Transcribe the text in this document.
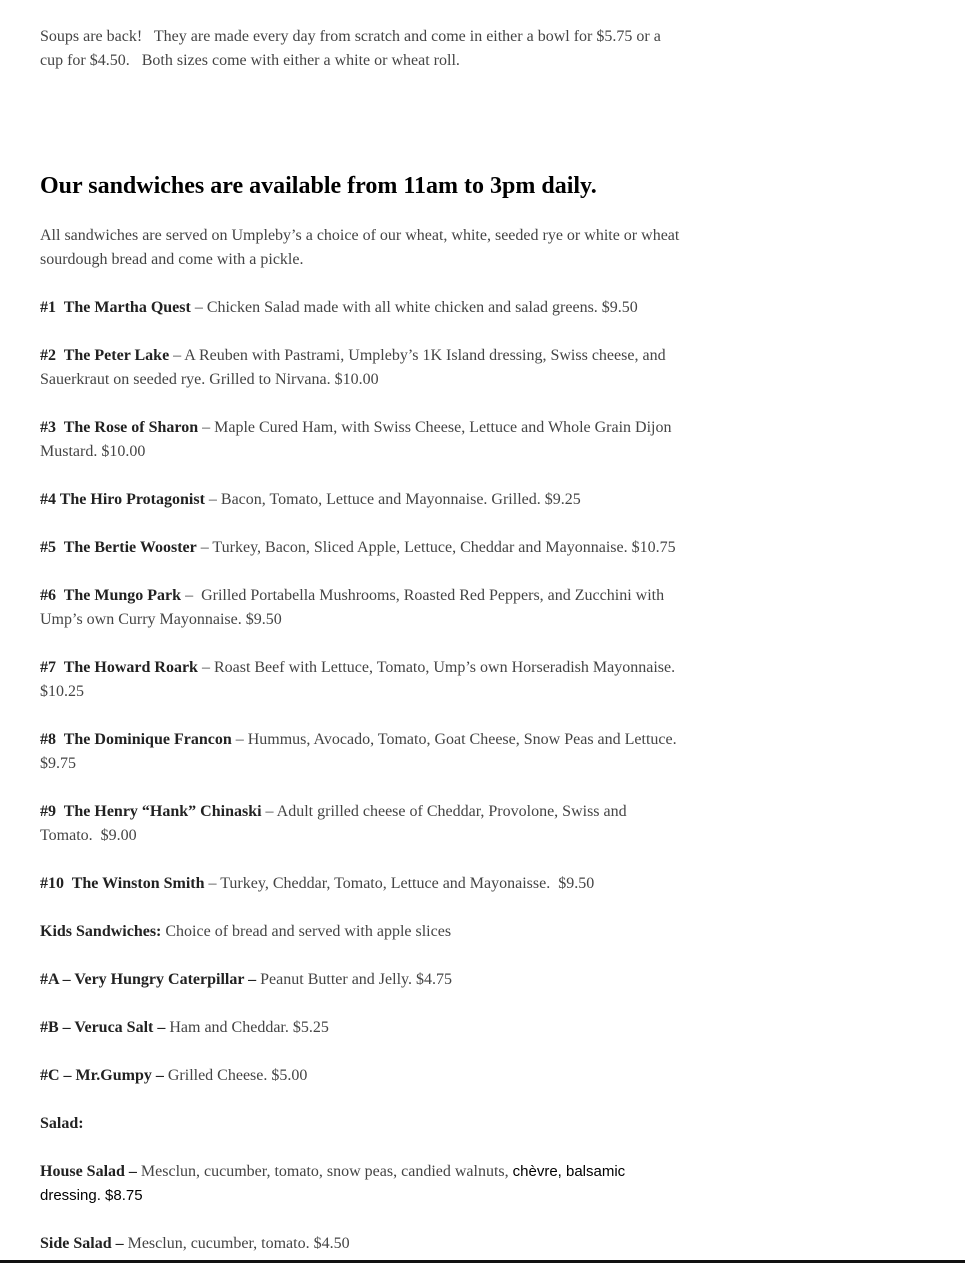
Soups are back!   They are made every day from scratch and come in either a bowl for $5.75 or a cup for $4.50.   Both sizes come with either a white or wheat roll.

Our sandwiches are available from 11am to 3pm daily.

All sandwiches are served on Umpleby’s a choice of our wheat, white, seeded rye or white or wheat sourdough bread and come with a pickle.

#1  The Martha Quest – Chicken Salad made with all white chicken and salad greens. $9.50

#2  The Peter Lake – A Reuben with Pastrami, Umpleby’s 1K Island dressing, Swiss cheese, and Sauerkraut on seeded rye. Grilled to Nirvana. $10.00

#3  The Rose of Sharon – Maple Cured Ham, with Swiss Cheese, Lettuce and Whole Grain Dijon Mustard. $10.00

#4 The Hiro Protagonist – Bacon, Tomato, Lettuce and Mayonnaise. Grilled. $9.25

#5  The Bertie Wooster – Turkey, Bacon, Sliced Apple, Lettuce, Cheddar and Mayonnaise. $10.75

#6  The Mungo Park –  Grilled Portabella Mushrooms, Roasted Red Peppers, and Zucchini with Ump’s own Curry Mayonnaise. $9.50

#7  The Howard Roark – Roast Beef with Lettuce, Tomato, Ump’s own Horseradish Mayonnaise.  $10.25

#8  The Dominique Francon – Hummus, Avocado, Tomato, Goat Cheese, Snow Peas and Lettuce.  $9.75

#9  The Henry “Hank” Chinaski – Adult grilled cheese of Cheddar, Provolone, Swiss and Tomato.  $9.00

#10  The Winston Smith – Turkey, Cheddar, Tomato, Lettuce and Mayonaisse.  $9.50

Kids Sandwiches: Choice of bread and served with apple slices

#A – Very Hungry Caterpillar – Peanut Butter and Jelly. $4.75

#B – Veruca Salt – Ham and Cheddar. $5.25

#C – Mr.Gumpy – Grilled Cheese. $5.00

Salad:

House Salad – Mesclun, cucumber, tomato, snow peas, candied walnuts, chèvre, balsamic dressing. $8.75

Side Salad – Mesclun, cucumber, tomato. $4.50
